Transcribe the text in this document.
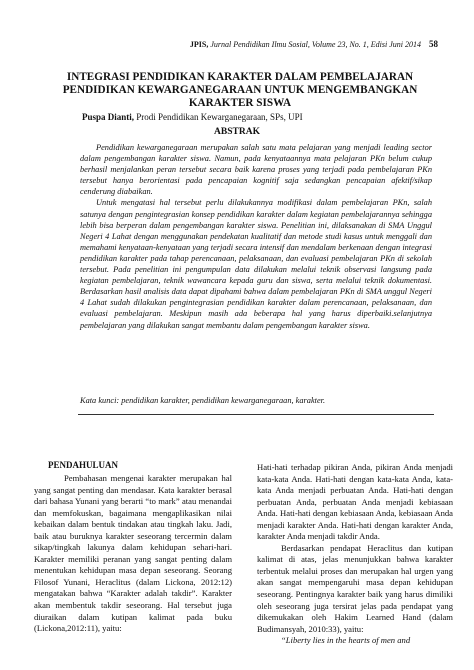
JPIS, Jurnal Pendidikan Ilmu Sosial, Volume 23, No. 1, Edisi Juni 2014 58
INTEGRASI PENDIDIKAN KARAKTER DALAM PEMBELAJARAN
PENDIDIKAN KEWARGANEGARAAN UNTUK MENGEMBANGKAN
KARAKTER SISWA
Puspa Dianti, Prodi Pendidikan Kewarganegaraan, SPs, UPI
ABSTRAK

Pendidikan kewarganegaraan merupakan salah satu mata pelajaran yang menjadi leading sector dalam pengembangan karakter siswa. Namun, pada kenyataannya mata pelajaran PKn belum cukup berhasil menjalankan peran tersebut secara baik karena proses yang terjadi pada pembelajaran PKn tersebut hanya berorientasi pada pencapaian kognitif saja sedangkan pencapaian afektif/sikap cenderung diabaikan.

Untuk mengatasi hal tersebut perlu dilakukannya modifikasi dalam pembelajaran PKn, salah satunya dengan pengintegrasian konsep pendidikan karakter dalam kegiatan pembelajarannya sehingga lebih bisa berperan dalam pengembangan karakter siswa. Penelitian ini, dilaksanakan di SMA Unggul Negeri 4 Lahat dengan menggunakan pendekatan kualitatif dan metode studi kasus untuk menggali dan memahami kenyataan-kenyataan yang terjadi secara intensif dan mendalam berkenaan dengan integrasi pendidikan karakter pada tahap perencanaan, pelaksanaan, dan evaluasi pembelajaran PKn di sekolah tersebut. Pada penelitian ini pengumpulan data dilakukan melalui teknik observasi langsung pada kegiatan pembelajaran, teknik wawancara kepada guru dan siswa, serta melalui teknik dokumentasi. Berdasarkan hasil analisis data dapat dipahami bahwa dalam pembelajaran PKn di SMA unggul Negeri 4 Lahat sudah dilakukan pengintegrasian pendidikan karakter dalam perencanaan, pelaksanaan, dan evaluasi pembelajaran. Meskipun masih ada beberapa hal yang harus diperbaiki.selanjutnya pembelajaran yang dilakukan sangat membantu dalam pengembangan karakter siswa.

Kata kunci: pendidikan karakter, pendidikan kewarganegaraan, karakter.
PENDAHULUAN

Pembahasan mengenai karakter merupakan hal yang sangat penting dan mendasar. Kata karakter berasal dari bahasa Yunani yang berarti “to mark” atau menandai dan memfokuskan, bagaimana mengaplikasikan nilai kebaikan dalam bentuk tindakan atau tingkah laku. Jadi, baik atau buruknya karakter seseorang tercermin dalam sikap/tingkah lakunya dalam kehidupan sehari-hari. Karakter memiliki peranan yang sangat penting dalam menentukan kehidupan masa depan seseorang. Seorang Filosof Yunani, Heraclitus (dalam Lickona, 2012:12) mengatakan bahwa “Karakter adalah takdir”. Karakter akan membentuk takdir seseorang. Hal tersebut juga diuraikan dalam kutipan kalimat pada buku (Lickona,2012:11), yaitu:

Hati-hati terhadap pikiran Anda, pikiran Anda menjadi kata-kata Anda. Hati-hati dengan kata-kata Anda, kata-kata Anda menjadi perbuatan Anda. Hati-hati dengan perbuatan Anda, perbuatan Anda menjadi kebiasaan Anda. Hati-hati dengan kebiasaan Anda, kebiasaan Anda menjadi karakter Anda. Hati-hati dengan karakter Anda, karakter Anda menjadi takdir Anda.

Berdasarkan pendapat Heraclitus dan kutipan kalimat di atas, jelas menunjukkan bahwa karakter terbentuk melalui proses dan merupakan hal urgen yang akan sangat mempengaruhi masa depan kehidupan seseorang. Pentingnya karakter baik yang harus dimiliki oleh seseorang juga tersirat jelas pada pendapat yang dikemukakan oleh Hakim Learned Hand (dalam Budimansyah, 2010:33), yaitu:

“Liberty lies in the hearts of men and
